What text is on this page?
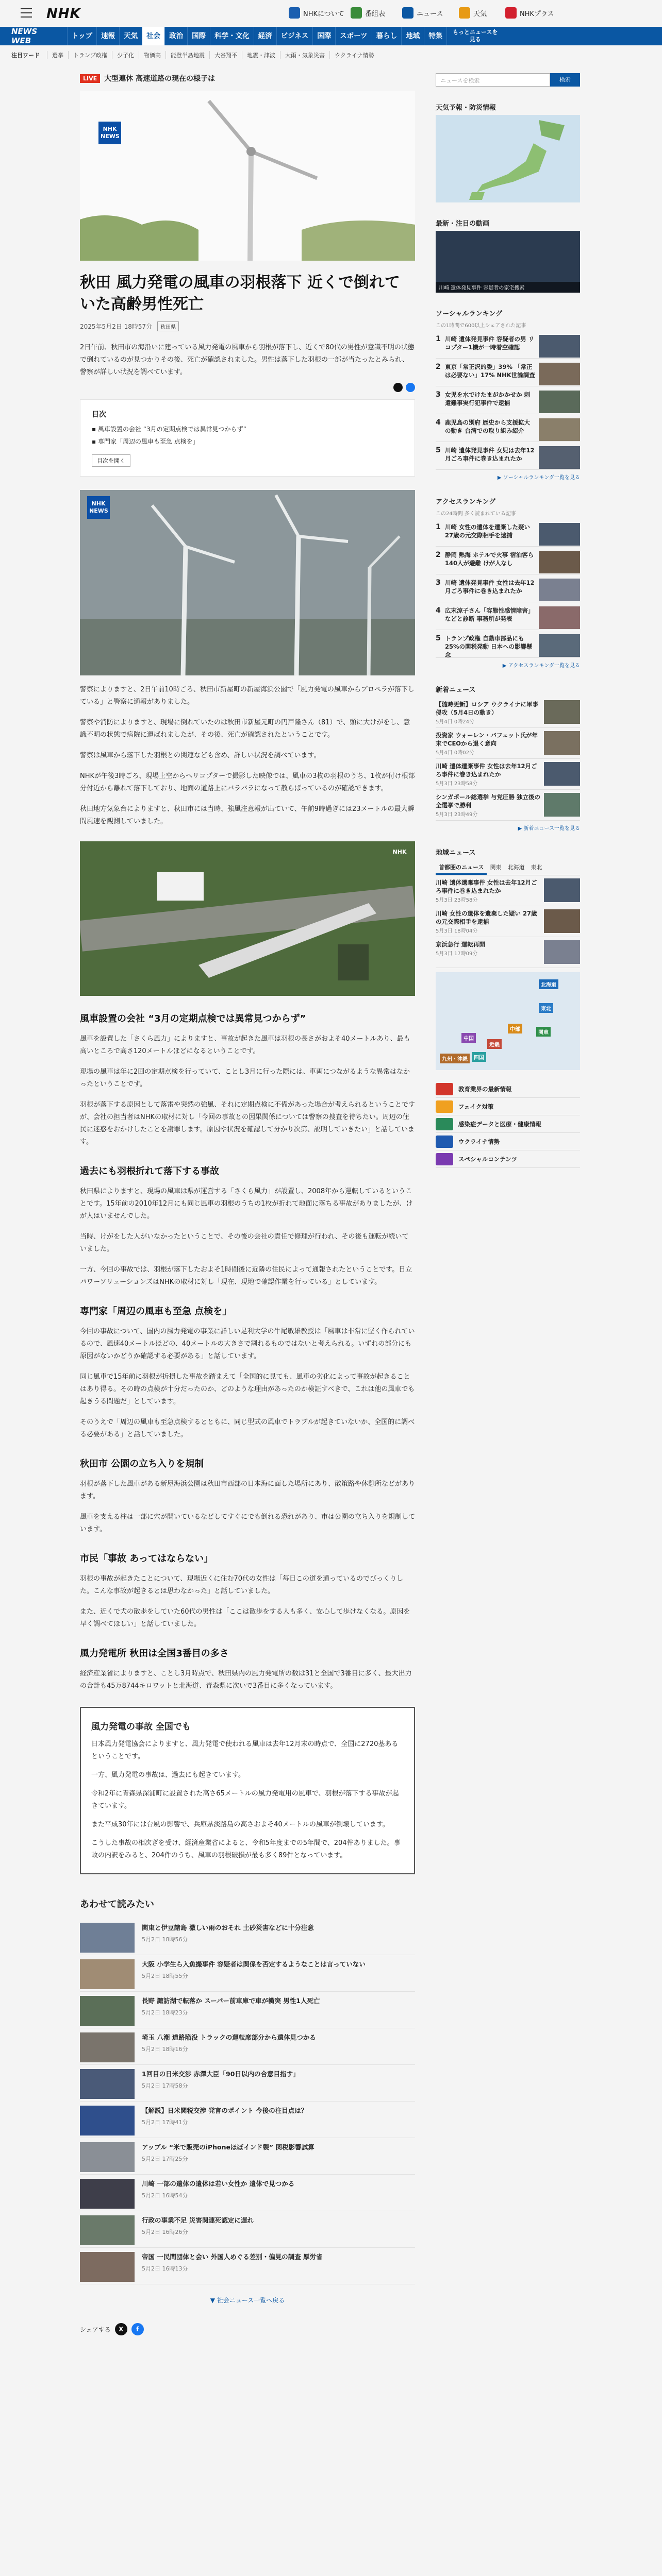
NHK	NHKについて	番組表	ニュース	天気	NHKプラス
NEWS WEB	トップ	速報	天気	社会	政治	国際	科学・文化	経済	ビジネス	国際	スポーツ	暮らし	地域	特集	もっとニュースを見る
注目ワード	選挙	トランプ政権	少子化	物価高	能登半島地震	大谷翔平	地震・津波	大雨・気象災害	ウクライナ情勢
LIVE	大型連休 高速道路の現在の様子は
NHK
NEWS
秋田 風力発電の風車の羽根落下 近くで倒れていた高齢男性死亡
2025年5月2日 18時57分	秋田県
2日午前、秋田市の海沿いに建っている風力発電の風車から羽根が落下し、近くで80代の男性が意識不明の状態で倒れているのが見つかりその後、死亡が確認されました。男性は落下した羽根の一部が当たったとみられ、警察が詳しい状況を調べています。
目次
▪ 風車設置の会社 “3月の定期点検では異常見つからず”
▪ 専門家「周辺の風車も至急 点検を」
目次を開く
NHK
NEWS
警察によりますと、2日午前10時ごろ、秋田市新屋町の新屋海浜公園で「風力発電の風車からプロペラが落下している」と警察に通報がありました。
警察や消防によりますと、現場に倒れていたのは秋田市新屋元町の円戸隆さん（81）で、頭に大けがをし、意識不明の状態で病院に運ばれましたが、その後、死亡が確認されたということです。
警察は風車から落下した羽根との関連なども含め、詳しい状況を調べています。
NHKが午後3時ごろ、現場上空からヘリコプターで撮影した映像では、風車の3枚の羽根のうち、1枚が付け根部分付近から離れて落下しており、地面の道路上にバラバラになって散らばっているのが確認できます。
秋田地方気象台によりますと、秋田市には当時、強風注意報が出ていて、午前9時過ぎには23メートルの最大瞬間風速を観測していました。
NHK
風車設置の会社 “3月の定期点検では異常見つからず”
風車を設置した「さくら風力」によりますと、事故が起きた風車は羽根の長さがおよそ40メートルあり、最も高いところで高さ120メートルほどになるということです。
現場の風車は年に2回の定期点検を行っていて、ことし3月に行った際には、車両につながるような異常はなかったということです。
羽根が落下する原因として落雷や突然の強風、それに定期点検に不備があった場合が考えられるということですが、会社の担当者はNHKの取材に対し「今回の事故との因果関係については警察の捜査を待ちたい。周辺の住民に迷惑をおかけしたことを謝罪します。原因や状況を確認して分かり次第、説明していきたい」と話しています。
過去にも羽根折れて落下する事故
秋田県によりますと、現場の風車は県が運営する「さくら風力」が設置し、2008年から運転しているということです。15年前の2010年12月にも同じ風車の羽根のうちの1枚が折れて地面に落ちる事故がありましたが、けが人はいませんでした。
当時、けがをした人がいなかったということで、その後の会社の責任で修理が行われ、その後も運転が続いていました。
一方、今回の事故では、羽根が落下したおよそ1時間後に近隣の住民によって通報されたということです。日立パワーソリューションズはNHKの取材に対し「現在、現地で確認作業を行っている」としています。
専門家「周辺の風車も至急 点検を」
今回の事故について、国内の風力発電の事業に詳しい足利大学の牛尾敏雄教授は「風車は非常に堅く作られているので、風速40メートルほどの、40メートルの大きさで割れるものではないと考えられる。いずれの部分にも原因がないかどうか確認する必要がある」と話しています。
同じ風車で15年前に羽根が折損した事故を踏まえて「全国的に見ても、風車の劣化によって事故が起きることはあり得る。その時の点検が十分だったのか、どのような理由があったのか検証すべきで、これは他の風車でも起きうる問題だ」としています。
そのうえで「周辺の風車も至急点検するとともに、同じ型式の風車でトラブルが起きていないか、全国的に調べる必要がある」と話していました。
秋田市 公園の立ち入りを規制
羽根が落下した風車がある新屋海浜公園は秋田市西部の日本海に面した場所にあり、散策路や休憩所などがあります。
風車を支える柱は一部に穴が開いているなどしてすぐにでも倒れる恐れがあり、市は公園の立ち入りを規制しています。
市民「事故 あってはならない」
羽根の事故が起きたことについて、現場近くに住む70代の女性は「毎日この道を通っているのでびっくりした。こんな事故が起きるとは思わなかった」と話していました。
また、近くで犬の散歩をしていた60代の男性は「ここは散歩をする人も多く、安心して歩けなくなる。原因を早く調べてほしい」と話していました。
風力発電所 秋田は全国3番目の多さ
経済産業省によりますと、ことし3月時点で、秋田県内の風力発電所の数は31と全国で3番目に多く、最大出力の合計も45万8744キロワットと北海道、青森県に次いで3番目に多くなっています。
風力発電の事故 全国でも
日本風力発電協会によりますと、風力発電で使われる風車は去年12月末の時点で、全国に2720基あるということです。
一方、風力発電の事故は、過去にも起きています。
令和2年に青森県深浦町に設置された高さ65メートルの風力発電用の風車で、羽根が落下する事故が起きています。
また平成30年には台風の影響で、兵庫県淡路島の高さおよそ40メートルの風車が倒壊しています。
こうした事故の相次ぎを受け、経済産業省によると、令和5年度までの5年間で、204件ありました。事故の内訳をみると、204件のうち、風車の羽根破損が最も多く89件となっています。
あわせて読みたい
関東と伊豆諸島 激しい雨のおそれ 土砂災害などに十分注意
5月2日 18時56分
大阪 小学生ら入魚撮事件 容疑者は関係を否定するようなことは言っていない
5月2日 18時55分
長野 諏訪湖で転落か スーパー前車庫で車が衝突 男性1人死亡
5月2日 18時23分
埼玉 八潮 道路陥没 トラックの運転席部分から遺体見つかる
5月2日 18時16分
1回目の日米交渉 赤澤大臣「90日以内の合意目指す」
5月2日 17時58分
【解説】日米関税交渉 発言のポイント 今後の注目点は？
5月2日 17時41分
アップル “米で販売のiPhoneほぼインド製” 関税影響試算
5月2日 17時25分
川崎 一部の遺体の遺体は若い女性か 遺体で見つかる
5月2日 16時54分
行政の事業不足 災害関連死認定に遅れ
5月2日 16時26分
帝国 一民間団体と会い 外国人めぐる差別・偏見の調査 厚労省
5月2日 16時13分
▼ 社会ニュース一覧へ戻る
シェアする	X	f
ニュースを検索	検索
天気予報・防災情報
最新・注目の動画
川崎 遺体発見事件 容疑者の家宅捜索
ソーシャルランキング
この1時間で600以上シェアされた記事
1 川崎 遺体発見事件 容疑者の男 リコプター1機が一時着空確認
2 東京「常正沢的委」39% 「常正は必要ない」17% NHK世論調査
3 女児を水でけたまがかかせか 刺遣難事実行犯事件で逮捕
4 鹿児島の別府 歴史から支援拡大の動き 台湾での取り組み紹介
5 川崎 遺体発見事件 女児は去年12月ごろ事件に巻き込まれたか
▶ ソーシャルランキング一覧を見る
アクセスランキング
この24時間 多く読まれている記事
1 川崎 女性の遺体を遺棄した疑い 27歳の元交際相手を逮捕
2 静岡 熱海 ホテルで火事 宿泊客ら140人が避難 けが人なし
3 川崎 遺体発見事件 女性は去年12月ごろ事件に巻き込まれたか
4 広末涼子さん「容態性感情障害」などと診断 事務所が発表
5 トランプ政権 自動車部品にも25%の関税発動 日本への影響懸念
▶ アクセスランキング一覧を見る
新着ニュース
【随時更新】ロシア ウクライナに軍事侵攻（5月4日の動き）
5月4日 0時24分
投資家 ウォーレン・バフェット氏が年末でCEOから退く意向
5月4日 0時02分
川崎 遺体遺棄事件 女性は去年12月ごろ事件に巻き込まれたか
5月3日 23時58分
シンガポール総選挙 与党圧勝 独立後の全選挙で勝利
5月3日 23時49分
▶ 新着ニュース一覧を見る
地域ニュース
首都圏のニュース	関東	北海道	東北
川崎 遺体遺棄事件 女性は去年12月ごろ事件に巻き込まれたか
5月3日 23時58分
川崎 女性の遺体を遺棄した疑い 27歳の元交際相手を逮捕
5月3日 18時04分
京浜急行 運転再開
5月3日 17時09分
北海道
東北
関東
中部
近畿
中国
四国
九州・沖縄
教育業界の最新情報
フェイク対策
感染症データと医療・健康情報
ウクライナ情勢
スペシャルコンテンツ
